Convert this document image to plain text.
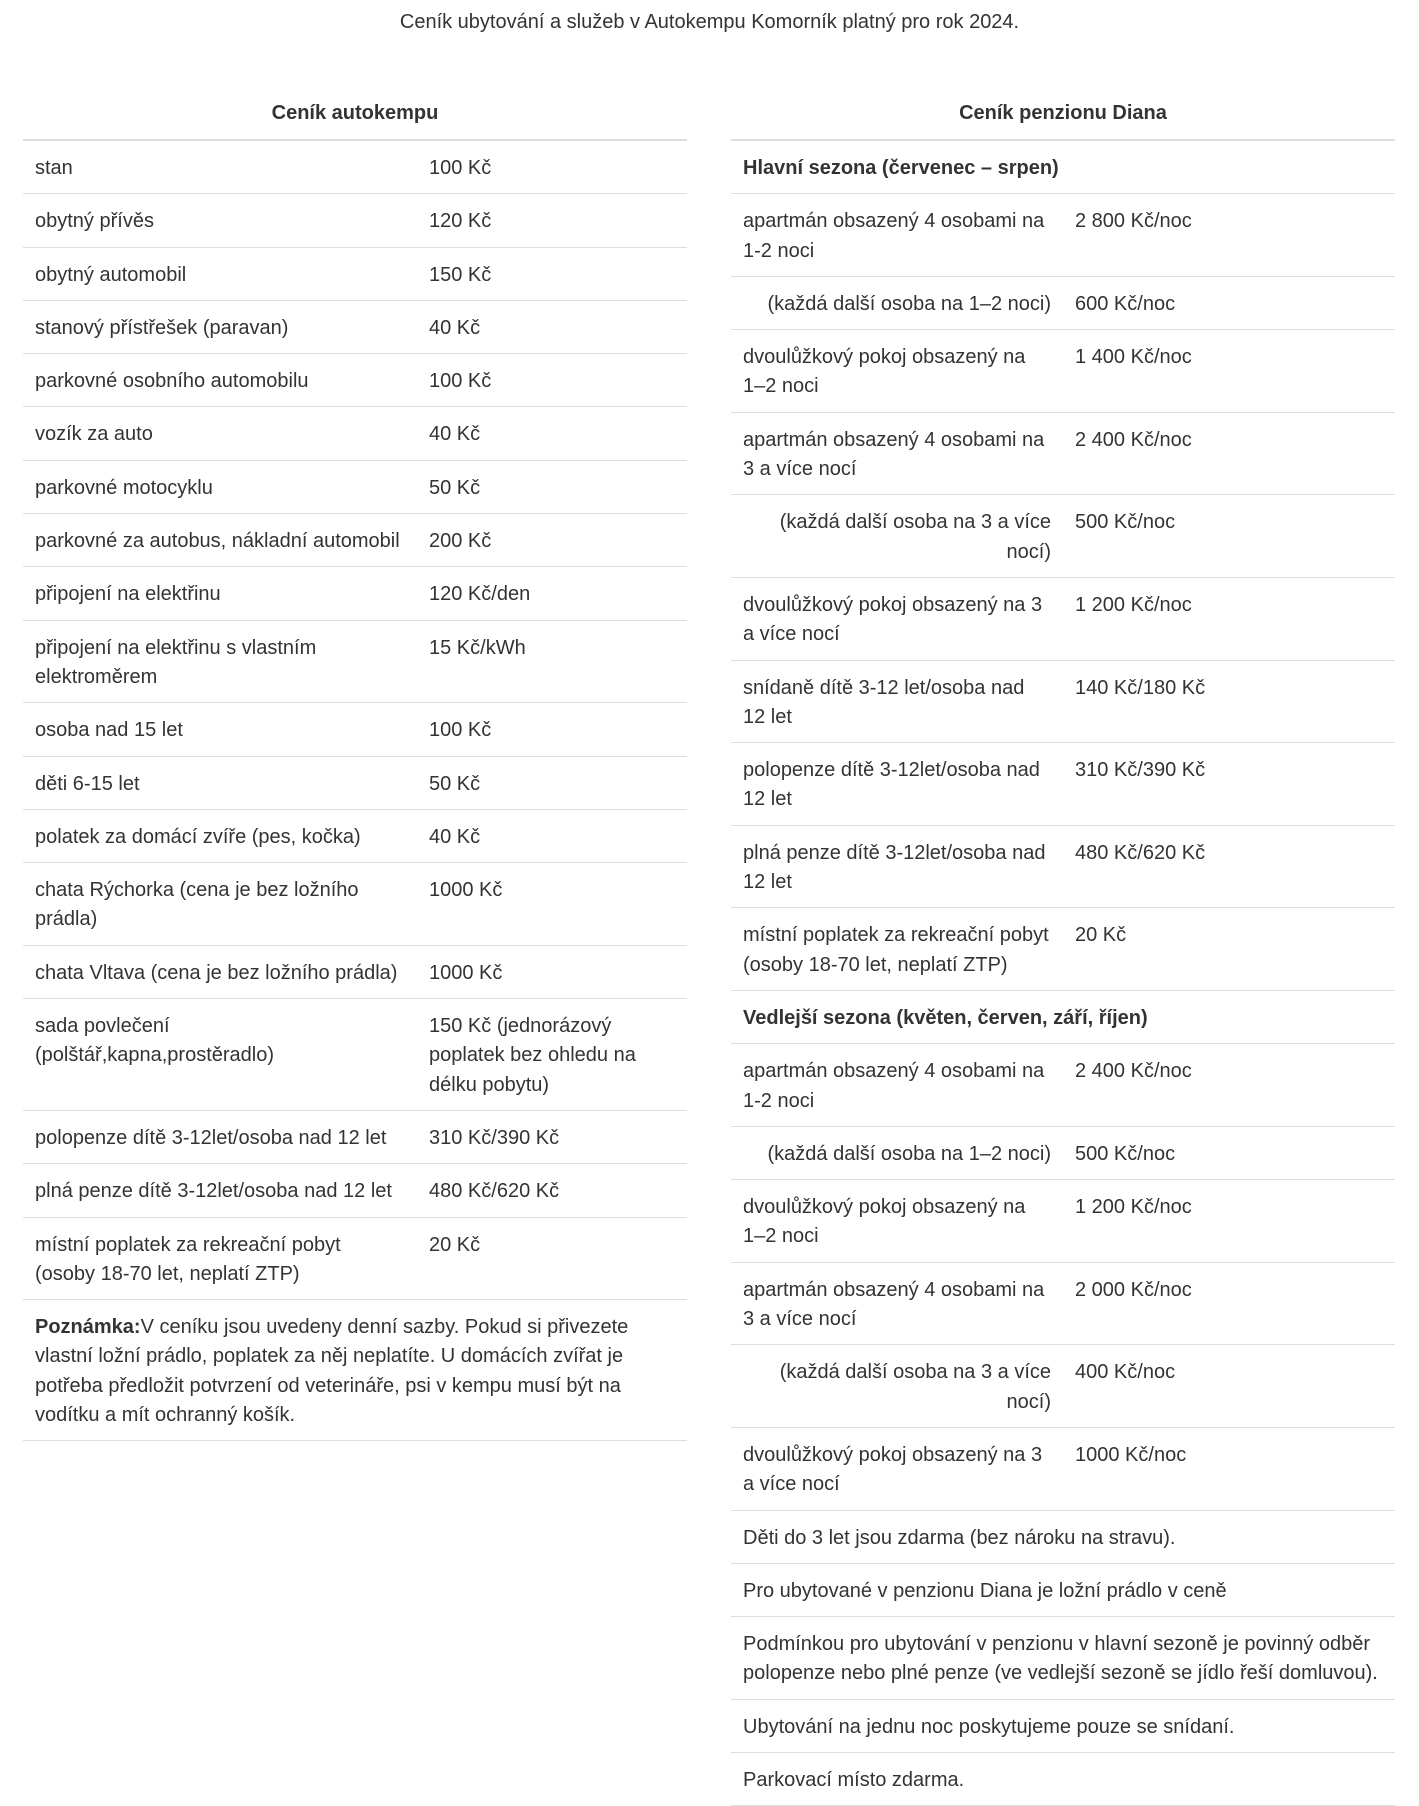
Ceník ubytování a služeb v Autokempu Komorník platný pro rok 2024.
Ceník autokempu
stan	100 Kč
obytný přívěs	120 Kč
obytný automobil	150 Kč
stanový přístřešek (paravan)	40 Kč
parkovné osobního automobilu	100 Kč
vozík za auto	40 Kč
parkovné motocyklu	50 Kč
parkovné za autobus, nákladní automobil	200 Kč
připojení na elektřinu	120 Kč/den
připojení na elektřinu s vlastním elektroměrem	15 Kč/kWh
osoba nad 15 let	100 Kč
děti 6-15 let	50 Kč
polatek za domácí zvíře (pes, kočka)	40 Kč
chata Rýchorka (cena je bez ložního prádla)	1000 Kč
chata Vltava (cena je bez ložního prádla)	1000 Kč
sada povlečení (polštář,kapna,prostěradlo)	150 Kč (jednorázový poplatek bez ohledu na délku pobytu)
polopenze dítě 3-12let/osoba nad 12 let	310 Kč/390 Kč
plná penze dítě 3-12let/osoba nad 12 let	480 Kč/620 Kč
místní poplatek za rekreační pobyt (osoby 18-70 let, neplatí ZTP)	20 Kč
Poznámka:V ceníku jsou uvedeny denní sazby. Pokud si přivezete vlastní ložní prádlo, poplatek za něj neplatíte. U domácích zvířat je potřeba předložit potvrzení od veterináře, psi v kempu musí být na vodítku a mít ochranný košík.	
Ceník penzionu Diana
Hlavní sezona (červenec – srpen)	
apartmán obsazený 4 osobami na 1-2 noci	2 800 Kč/noc
(každá další osoba na 1–2 noci)	600 Kč/noc
dvoulůžkový pokoj obsazený na 1–2 noci	1 400 Kč/noc
apartmán obsazený 4 osobami na 3 a více nocí	2 400 Kč/noc
(každá další osoba na 3 a více nocí)	500 Kč/noc
dvoulůžkový pokoj obsazený na 3 a více nocí	1 200 Kč/noc
snídaně dítě 3-12 let/osoba nad 12 let	140 Kč/180 Kč
polopenze dítě 3-12let/osoba nad 12 let	310 Kč/390 Kč
plná penze dítě 3-12let/osoba nad 12 let	480 Kč/620 Kč
místní poplatek za rekreační pobyt (osoby 18-70 let, neplatí ZTP)	20 Kč
Vedlejší sezona (květen, červen, září, říjen)	
apartmán obsazený 4 osobami na 1-2 noci	2 400 Kč/noc
(každá další osoba na 1–2 noci)	500 Kč/noc
dvoulůžkový pokoj obsazený na 1–2 noci	1 200 Kč/noc
apartmán obsazený 4 osobami na 3 a více nocí	2 000 Kč/noc
(každá další osoba na 3 a více nocí)	400 Kč/noc
dvoulůžkový pokoj obsazený na 3 a více nocí	1000 Kč/noc
Děti do 3 let jsou zdarma (bez nároku na stravu).	
Pro ubytované v penzionu Diana je ložní prádlo v ceně	
Podmínkou pro ubytování v penzionu v hlavní sezoně je povinný odběr polopenze nebo plné penze (ve vedlejší sezoně se jídlo řeší domluvou).	
Ubytování na jednu noc poskytujeme pouze se snídaní.	
Parkovací místo zdarma.	
